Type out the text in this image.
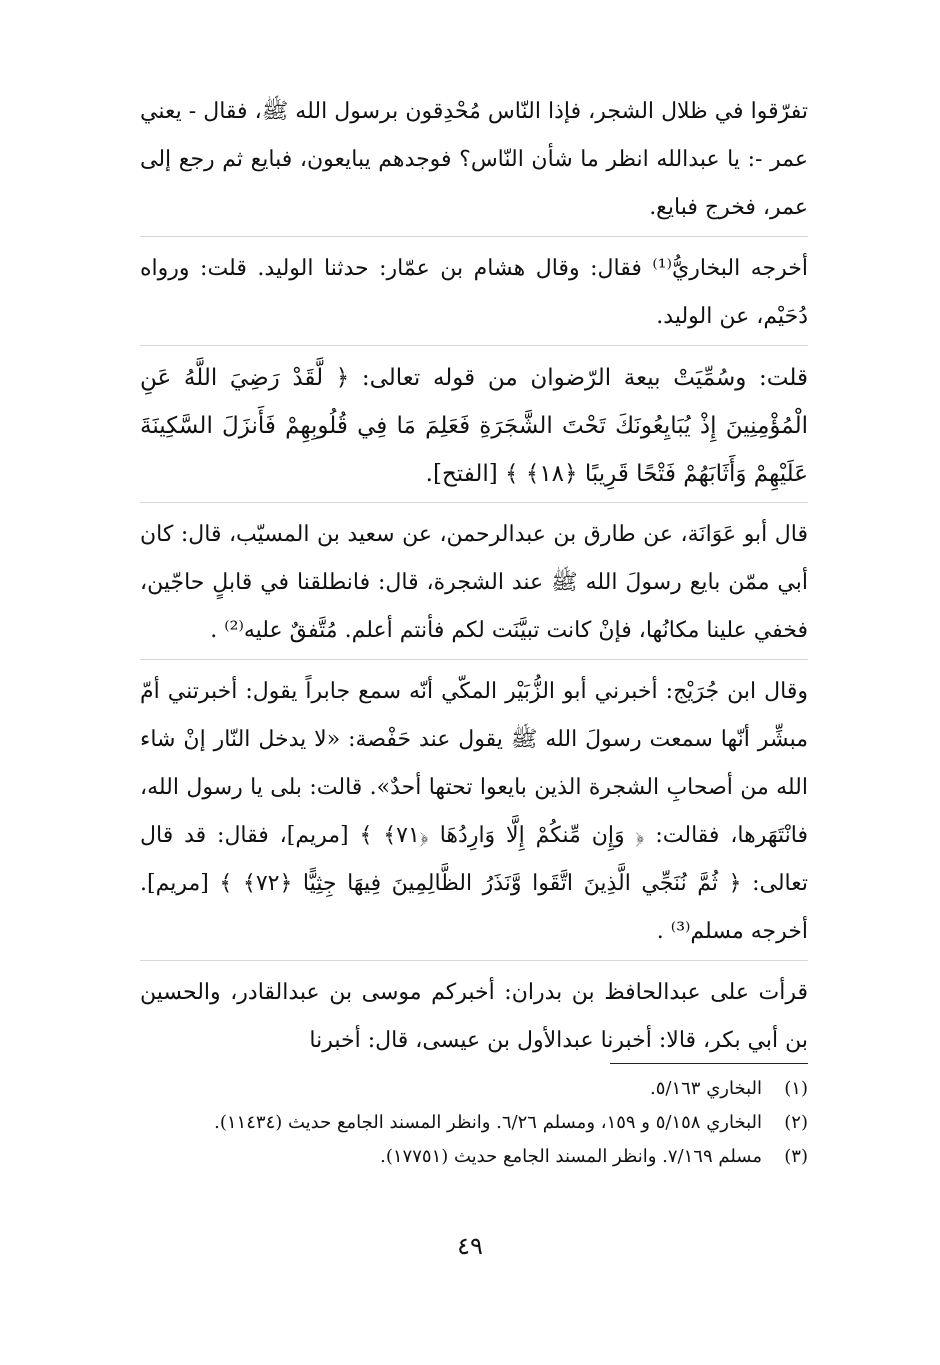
تفرّقوا في ظلال الشجر، فإذا النّاس مُحْدِقون برسول الله ﷺ، فقال - يعني عمر -: يا عبدالله انظر ما شأن النّاس؟ فوجدهم يبايعون، فبايع ثم رجع إلى عمر، فخرج فبايع.

أخرجه البخاريُّ⁽¹⁾ فقال: وقال هشام بن عمّار: حدثنا الوليد. قلت: ورواه دُحَيْم، عن الوليد.

قلت: وسُمِّيَتْ بيعة الرّضوان من قوله تعالى: ﴿ لَّقَدْ رَضِيَ اللَّهُ عَنِ الْمُؤْمِنِينَ إِذْ يُبَايِعُونَكَ تَحْتَ الشَّجَرَةِ فَعَلِمَ مَا فِي قُلُوبِهِمْ فَأَنزَلَ السَّكِينَةَ عَلَيْهِمْ وَأَثَابَهُمْ فَتْحًا قَرِيبًا ﴿١٨﴾ ﴾ [الفتح].

قال أبو عَوَانَة، عن طارق بن عبدالرحمن، عن سعيد بن المسيّب، قال: كان أبي ممّن بايع رسولَ الله ﷺ عند الشجرة، قال: فانطلقنا في قابلٍ حاجّين، فخفي علينا مكانُها، فإنْ كانت تبيَّنَت لكم فأنتم أعلم. مُتَّفقٌ عليه⁽²⁾ .

وقال ابن جُرَيْج: أخبرني أبو الزُّبَيْر المكّي أنّه سمع جابراً يقول: أخبرتني أمّ مبشِّر أنّها سمعت رسولَ الله ﷺ يقول عند حَفْصة: «لا يدخل النّار إنْ شاء الله من أصحابِ الشجرة الذين بايعوا تحتها أحدٌ». قالت: بلى يا رسول الله، فانْتَهَرها، فقالت: ﴿ وَإِن مِّنكُمْ إِلَّا وَارِدُهَا ﴿٧١﴾ ﴾ [مريم]، فقال: قد قال تعالى: ﴿ ثُمَّ نُنَجِّي الَّذِينَ اتَّقَوا وَّنَذَرُ الظَّالِمِينَ فِيهَا جِثِيًّا ﴿٧٢﴾ ﴾ [مريم]. أخرجه مسلم⁽³⁾ .

قرأت على عبدالحافظ بن بدران: أخبركم موسى بن عبدالقادر، والحسين بن أبي بكر، قالا: أخبرنا عبدالأول بن عيسى، قال: أخبرنا

(١)
البخاري ٥/١٦٣.
(٢)
البخاري ٥/١٥٨ و ١٥٩، ومسلم ٦/٢٦. وانظر المسند الجامع حديث (١١٤٣٤).
(٣)
مسلم ٧/١٦٩. وانظر المسند الجامع حديث (١٧٧٥١).
٤٩
